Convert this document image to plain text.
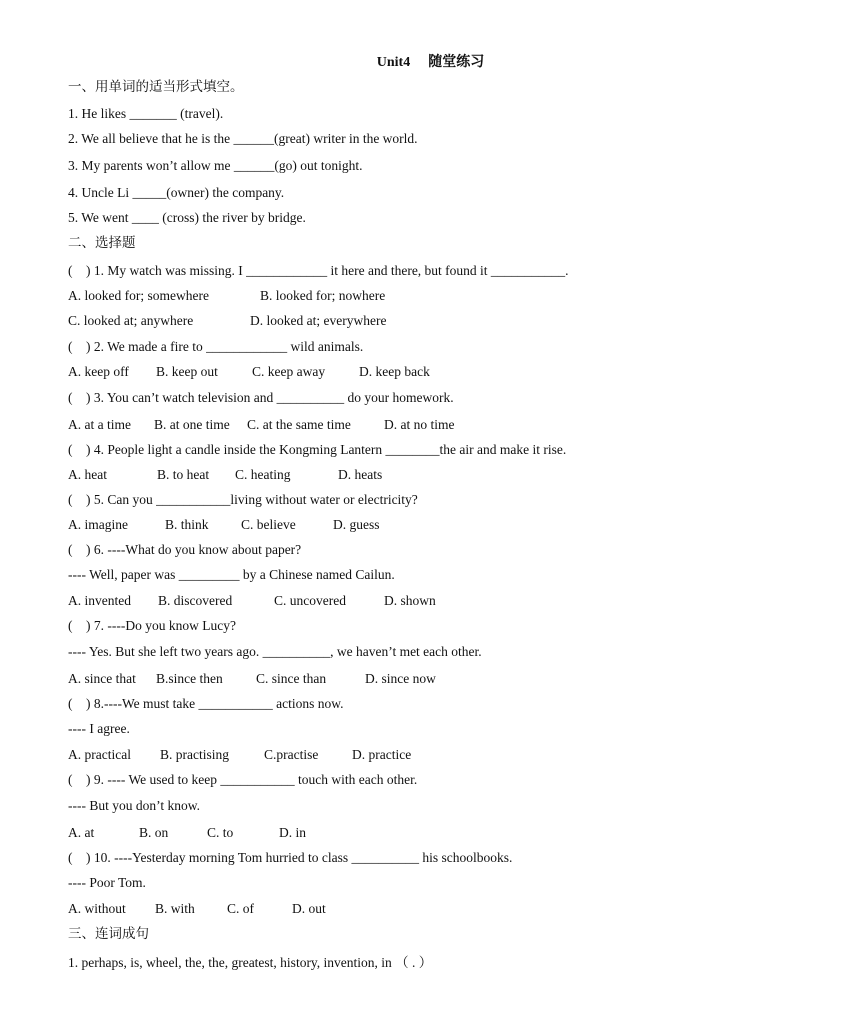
Unit4 随堂练习
一、用单词的适当形式填空。
1. He likes _______ (travel).
2. We all believe that he is the ______(great) writer in the world.
3. My parents won’t allow me ______(go) out tonight.
4. Uncle Li _____(owner) the company.
5. We went ____ (cross) the river by bridge.
二、选择题
(    ) 1. My watch was missing. I ____________ it here and there, but found it ___________.
A. looked for; somewhere	B. looked for; nowhere
C. looked at; anywhere	D. looked at; everywhere
(    ) 2. We made a fire to ____________ wild animals.
A. keep off B. keep out	C. keep away	D. keep back
(    ) 3. You can’t watch television and __________ do your homework.
A. at a time B. at one time C. at the same time D. at no time
(    ) 4. People light a candle inside the Kongming Lantern ________the air and make it rise.
A. heat	B. to heat C. heating	D. heats
(    ) 5. Can you ___________living without water or electricity?
A. imagine	B. think C. believe	D. guess
(    ) 6. ----What do you know about paper?
---- Well, paper was _________ by a Chinese named Cailun.
A. invented B. discovered	C. uncovered	D. shown
(    ) 7. ----Do you know Lucy?
---- Yes. But she left two years ago. __________, we haven’t met each other.
A. since that B.since then C. since than	D. since now
(    ) 8.----We must take ___________ actions now.
---- I agree.
A. practical B. practising	C.practise D. practice
(    ) 9. ---- We used to keep ___________ touch with each other.
---- But you don’t know.
A. at	B. on	C. to	D. in
(    ) 10. ----Yesterday morning Tom hurried to class __________ his schoolbooks.
---- Poor Tom.
A. without B. with C. of	D. out
三、连词成句
1. perhaps, is, wheel, the, the, greatest, history, invention, in （ . ）
